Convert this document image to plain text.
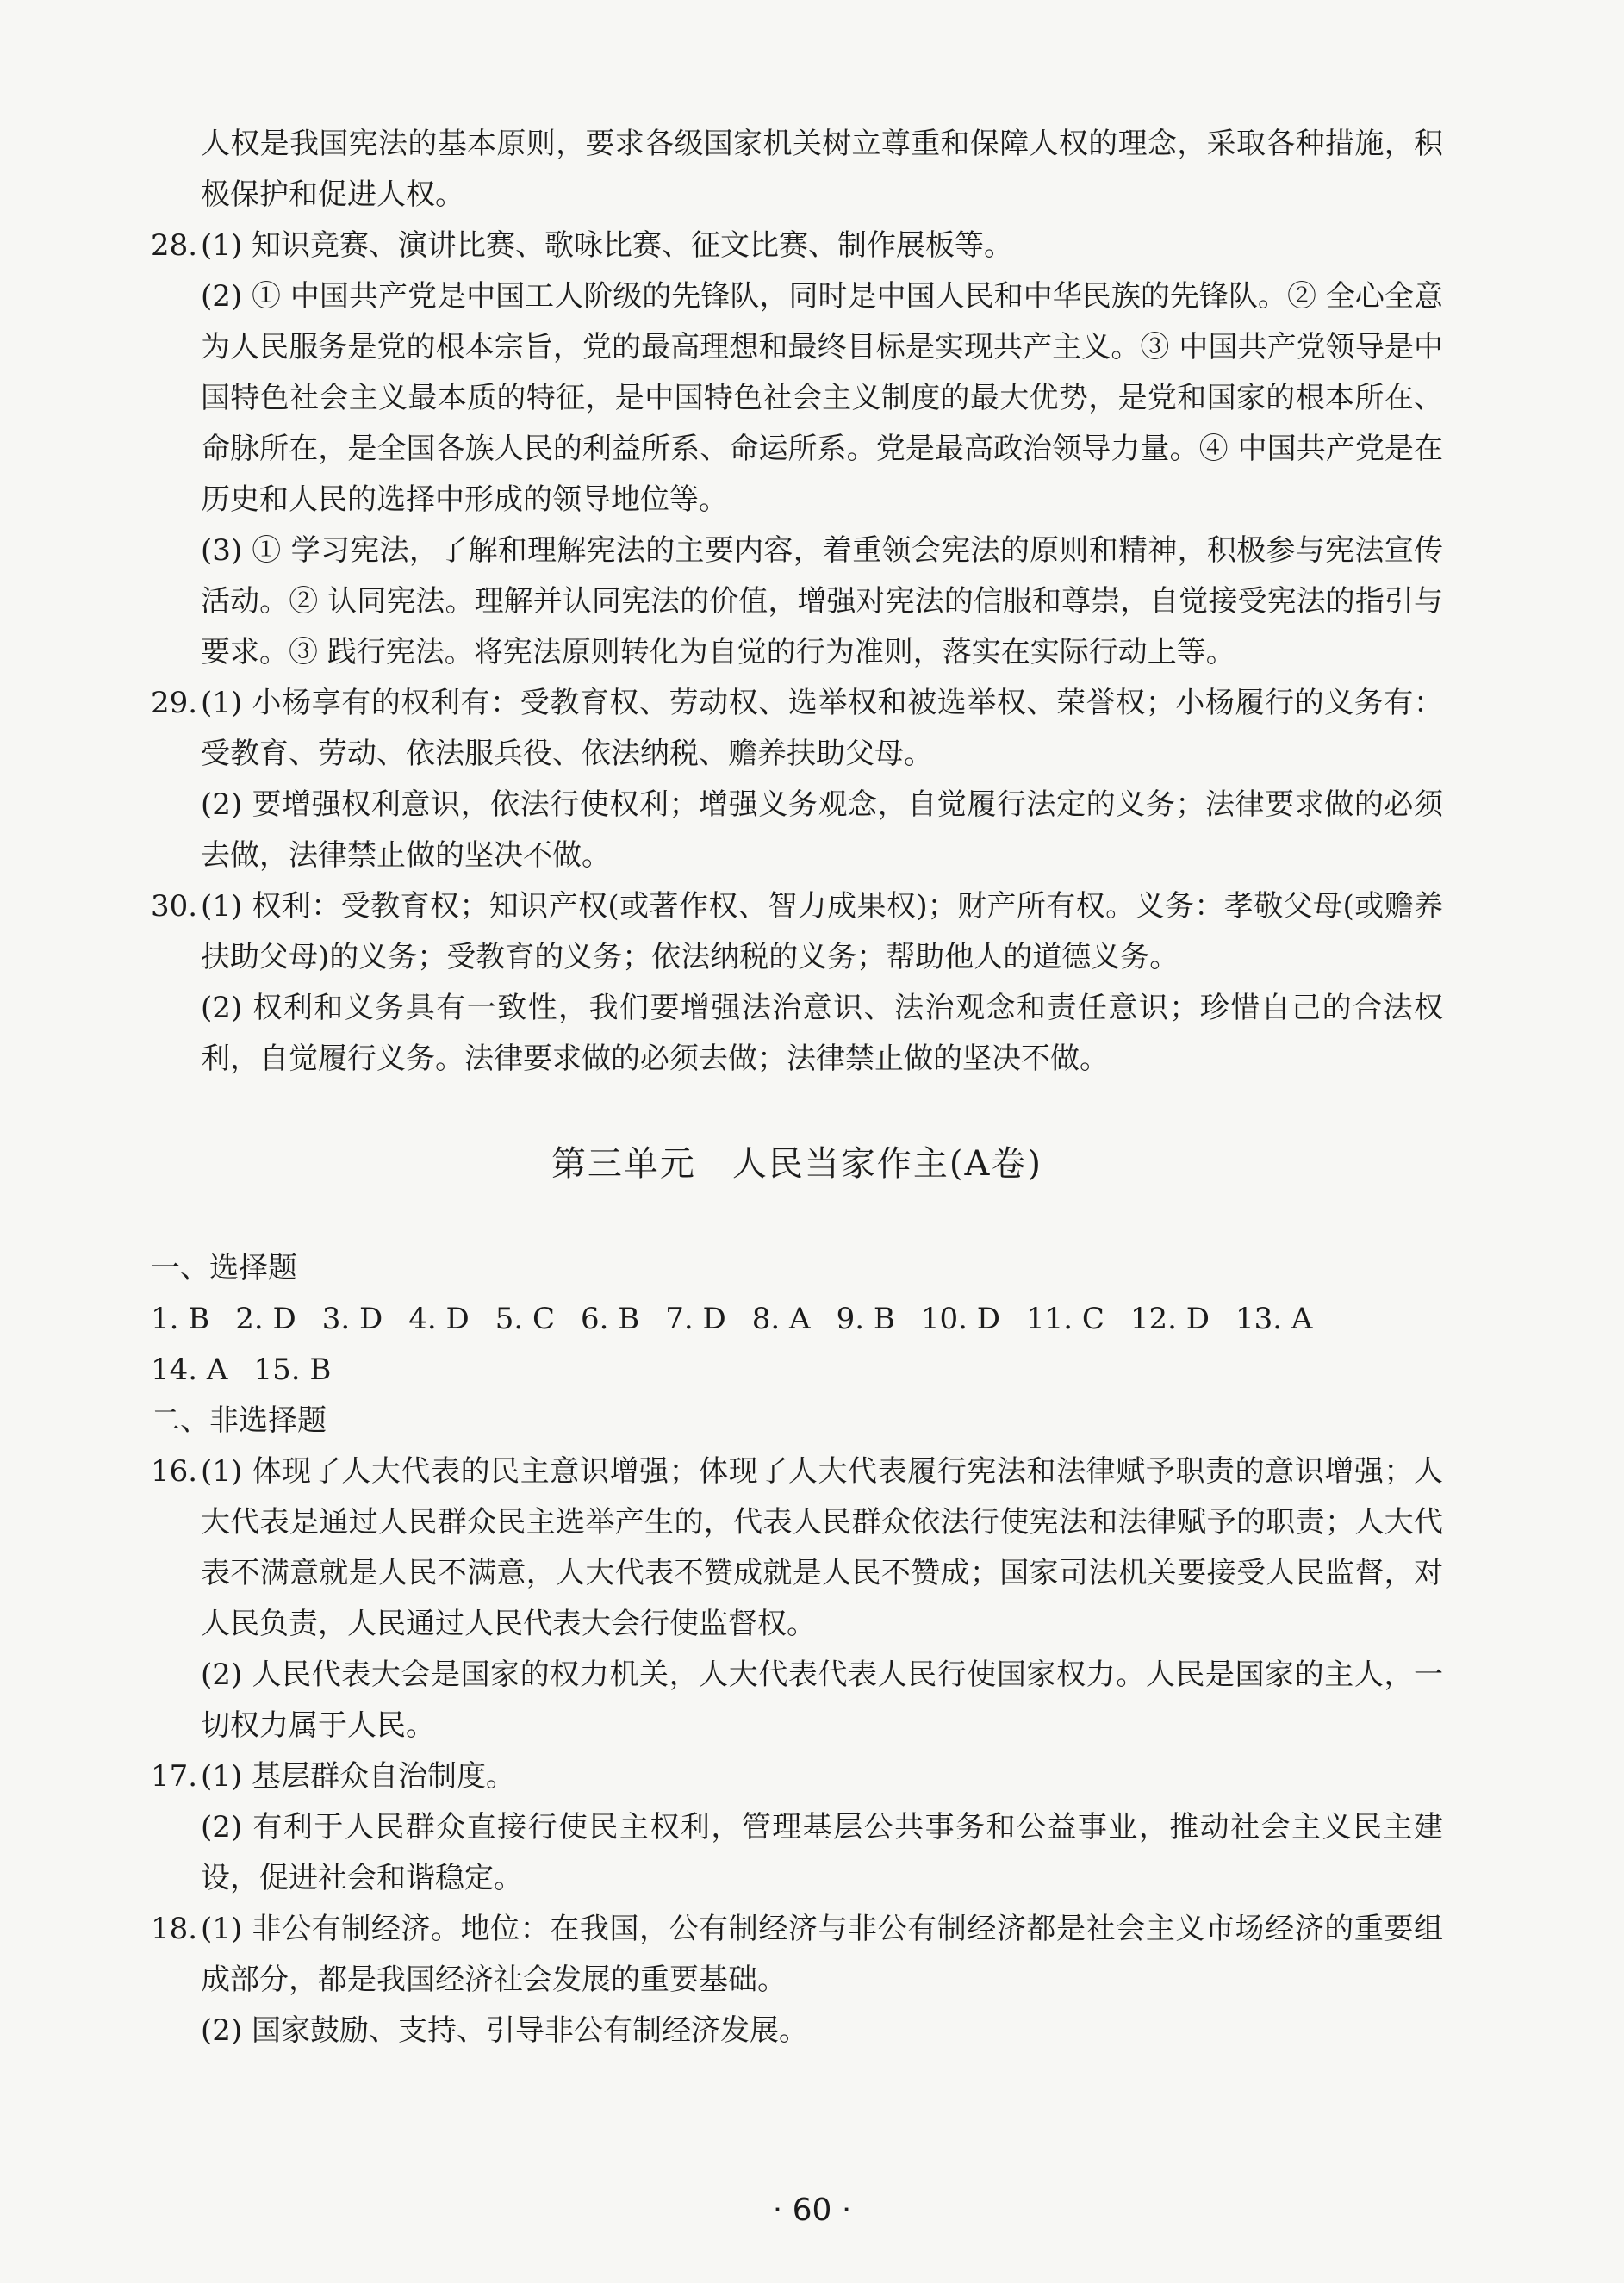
人权是我国宪法的基本原则，要求各级国家机关树立尊重和保障人权的理念，采取各种措施，积极保护和促进人权。

28. (1) 知识竞赛、演讲比赛、歌咏比赛、征文比赛、制作展板等。

(2) ① 中国共产党是中国工人阶级的先锋队，同时是中国人民和中华民族的先锋队。② 全心全意为人民服务是党的根本宗旨，党的最高理想和最终目标是实现共产主义。③ 中国共产党领导是中国特色社会主义最本质的特征，是中国特色社会主义制度的最大优势，是党和国家的根本所在、命脉所在，是全国各族人民的利益所系、命运所系。党是最高政治领导力量。④ 中国共产党是在历史和人民的选择中形成的领导地位等。

(3) ① 学习宪法，了解和理解宪法的主要内容，着重领会宪法的原则和精神，积极参与宪法宣传活动。② 认同宪法。理解并认同宪法的价值，增强对宪法的信服和尊崇，自觉接受宪法的指引与要求。③ 践行宪法。将宪法原则转化为自觉的行为准则，落实在实际行动上等。

29. (1) 小杨享有的权利有：受教育权、劳动权、选举权和被选举权、荣誉权；小杨履行的义务有：受教育、劳动、依法服兵役、依法纳税、赡养扶助父母。

(2) 要增强权利意识，依法行使权利；增强义务观念，自觉履行法定的义务；法律要求做的必须去做，法律禁止做的坚决不做。

30. (1) 权利：受教育权；知识产权(或著作权、智力成果权)；财产所有权。义务：孝敬父母(或赡养扶助父母)的义务；受教育的义务；依法纳税的义务；帮助他人的道德义务。

(2) 权利和义务具有一致性，我们要增强法治意识、法治观念和责任意识；珍惜自己的合法权利，自觉履行义务。法律要求做的必须去做；法律禁止做的坚决不做。

第三单元　人民当家作主(A卷)

一、选择题

1. B 2. D 3. D 4. D 5. C 6. B 7. D 8. A 9. B 10. D 11. C 12. D 13. A
14. A 15. B

二、非选择题

16. (1) 体现了人大代表的民主意识增强；体现了人大代表履行宪法和法律赋予职责的意识增强；人大代表是通过人民群众民主选举产生的，代表人民群众依法行使宪法和法律赋予的职责；人大代表不满意就是人民不满意，人大代表不赞成就是人民不赞成；国家司法机关要接受人民监督，对人民负责，人民通过人民代表大会行使监督权。

(2) 人民代表大会是国家的权力机关，人大代表代表人民行使国家权力。人民是国家的主人，一切权力属于人民。

17. (1) 基层群众自治制度。

(2) 有利于人民群众直接行使民主权利，管理基层公共事务和公益事业，推动社会主义民主建设，促进社会和谐稳定。

18. (1) 非公有制经济。地位：在我国，公有制经济与非公有制经济都是社会主义市场经济的重要组成部分，都是我国经济社会发展的重要基础。

(2) 国家鼓励、支持、引导非公有制经济发展。

· 60 ·
